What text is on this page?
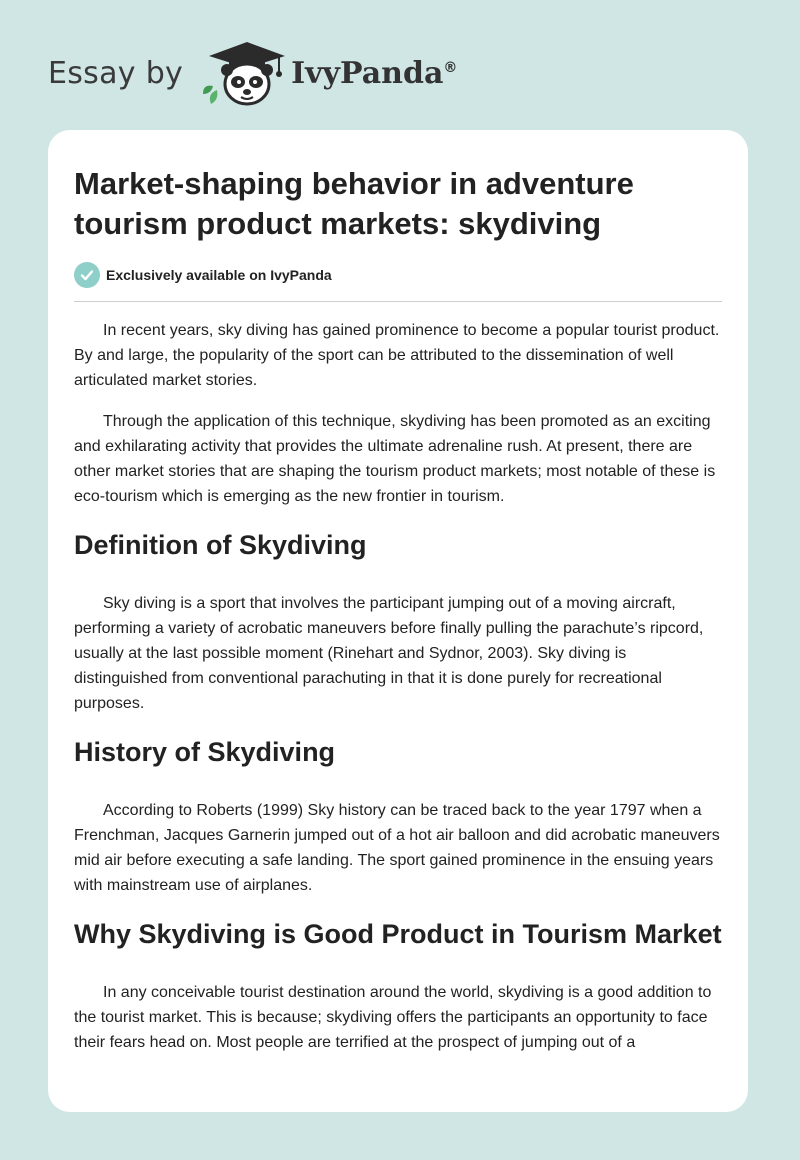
Essay by	IvyPanda®
Market-shaping behavior in adventure tourism product markets: skydiving
Exclusively available on IvyPanda

In recent years, sky diving has gained prominence to become a popular tourist product. By and large, the popularity of the sport can be attributed to the dissemination of well articulated market stories.

Through the application of this technique, skydiving has been promoted as an exciting and exhilarating activity that provides the ultimate adrenaline rush. At present, there are other market stories that are shaping the tourism product markets; most notable of these is eco-tourism which is emerging as the new frontier in tourism.

Definition of Skydiving

Sky diving is a sport that involves the participant jumping out of a moving aircraft, performing a variety of acrobatic maneuvers before finally pulling the parachute’s ripcord, usually at the last possible moment (Rinehart and Sydnor, 2003). Sky diving is distinguished from conventional parachuting in that it is done purely for recreational purposes.

History of Skydiving

According to Roberts (1999) Sky history can be traced back to the year 1797 when a Frenchman, Jacques Garnerin jumped out of a hot air balloon and did acrobatic maneuvers mid air before executing a safe landing. The sport gained prominence in the ensuing years with mainstream use of airplanes.

Why Skydiving is Good Product in Tourism Market

In any conceivable tourist destination around the world, skydiving is a good addition to the tourist market. This is because; skydiving offers the participants an opportunity to face their fears head on. Most people are terrified at the prospect of jumping out of a
